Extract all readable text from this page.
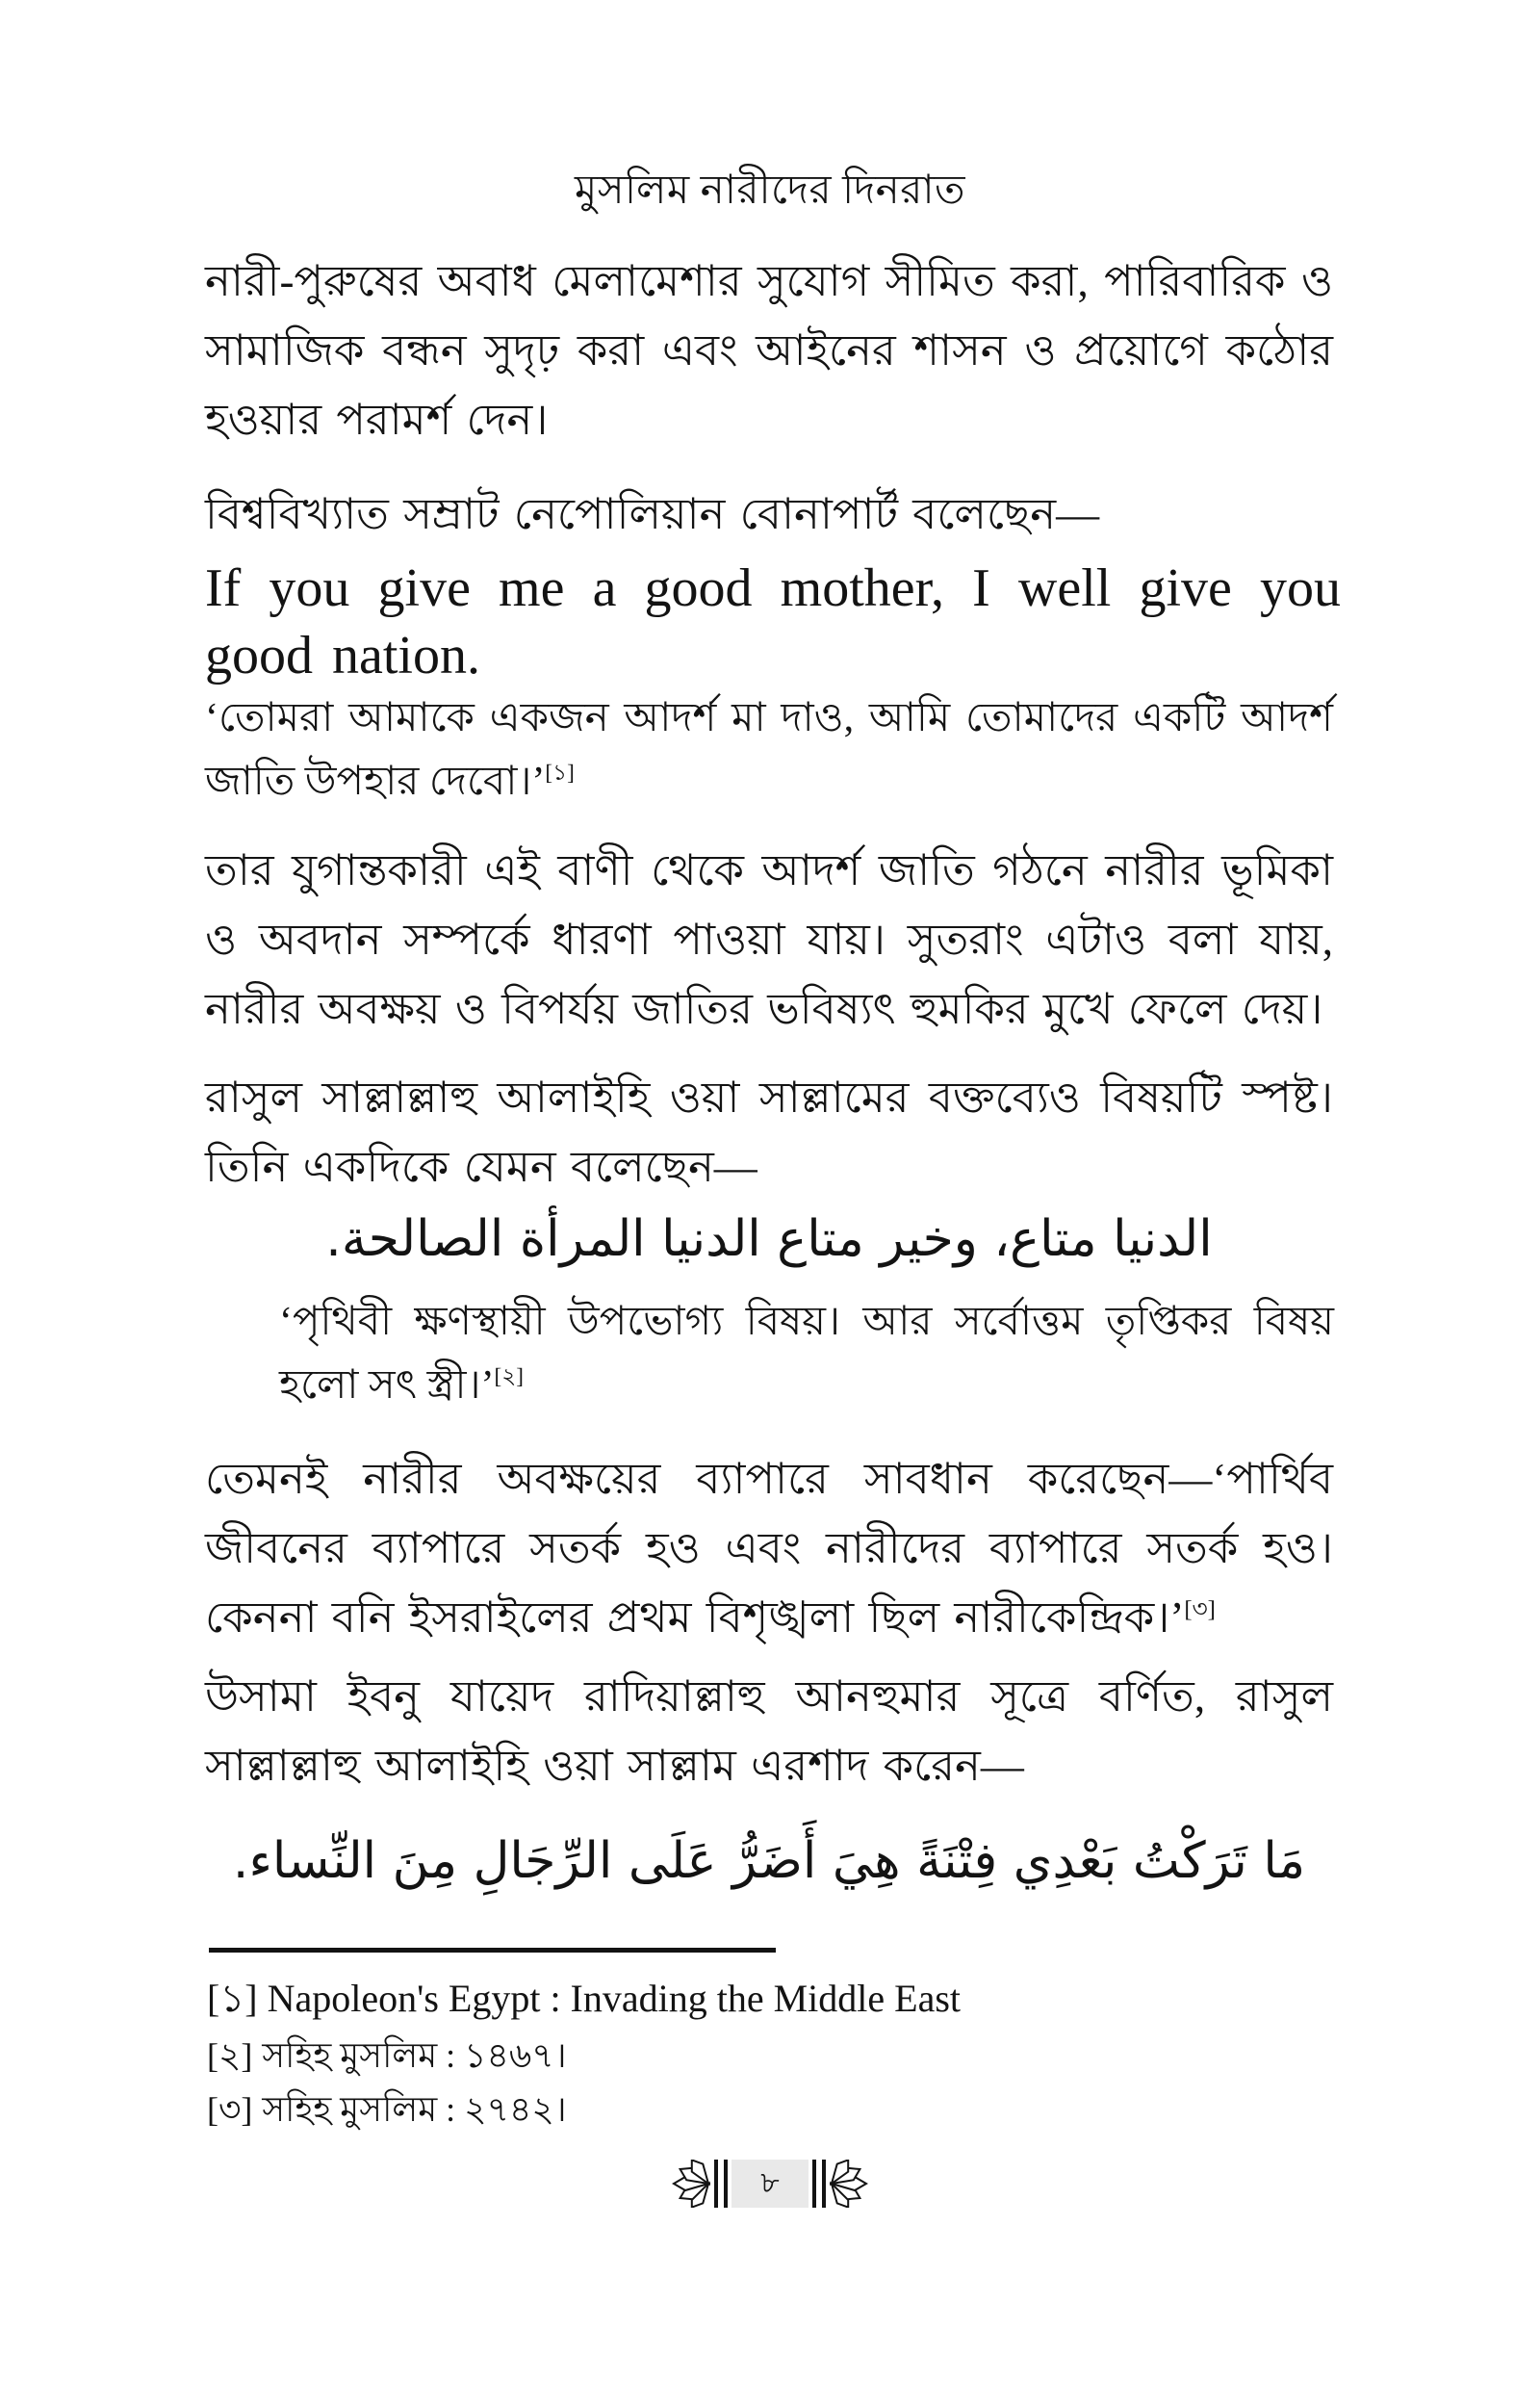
মুসলিম নারীদের দিনরাত
নারী-পুরুষের অবাধ মেলামেশার সুযোগ সীমিত করা, পারিবারিক ও সামাজিক বন্ধন সুদৃঢ় করা এবং আইনের শাসন ও প্রয়োগে কঠোর হওয়ার পরামর্শ দেন।
বিশ্ববিখ্যাত সম্রাট নেপোলিয়ান বোনাপার্ট বলেছেন—
If you give me a good mother, I well give you good nation.
‘তোমরা আমাকে একজন আদর্শ মা দাও, আমি তোমাদের একটি আদর্শ জাতি উপহার দেবো।’[১]
তার যুগান্তকারী এই বাণী থেকে আদর্শ জাতি গঠনে নারীর ভূমিকা ও অবদান সম্পর্কে ধারণা পাওয়া যায়। সুতরাং এটাও বলা যায়, নারীর অবক্ষয় ও বিপর্যয় জাতির ভবিষ্যৎ হুমকির মুখে ফেলে দেয়।
রাসুল সাল্লাল্লাহু আলাইহি ওয়া সাল্লামের বক্তব্যেও বিষয়টি স্পষ্ট। তিনি একদিকে যেমন বলেছেন—
الدنيا متاع، وخير متاع الدنيا المرأة الصالحة.
‘পৃথিবী ক্ষণস্থায়ী উপভোগ্য বিষয়। আর সর্বোত্তম তৃপ্তিকর বিষয় হলো সৎ স্ত্রী।’[২]
তেমনই নারীর অবক্ষয়ের ব্যাপারে সাবধান করেছেন—‘পার্থিব জীবনের ব্যাপারে সতর্ক হও এবং নারীদের ব্যাপারে সতর্ক হও। কেননা বনি ইসরাইলের প্রথম বিশৃঙ্খলা ছিল নারীকেন্দ্রিক।’[৩]
উসামা ইবনু যায়েদ রাদিয়াল্লাহু আনহুমার সূত্রে বর্ণিত, রাসুল সাল্লাল্লাহু আলাইহি ওয়া সাল্লাম এরশাদ করেন—
مَا تَرَكْتُ بَعْدِي فِتْنَةً هِيَ أَضَرُّ عَلَى الرِّجَالِ مِنَ النِّساء.
[১] Napoleon's Egypt : Invading the Middle East
[২] সহিহ মুসলিম : ১৪৬৭।
[৩] সহিহ মুসলিম : ২৭৪২।
৮
